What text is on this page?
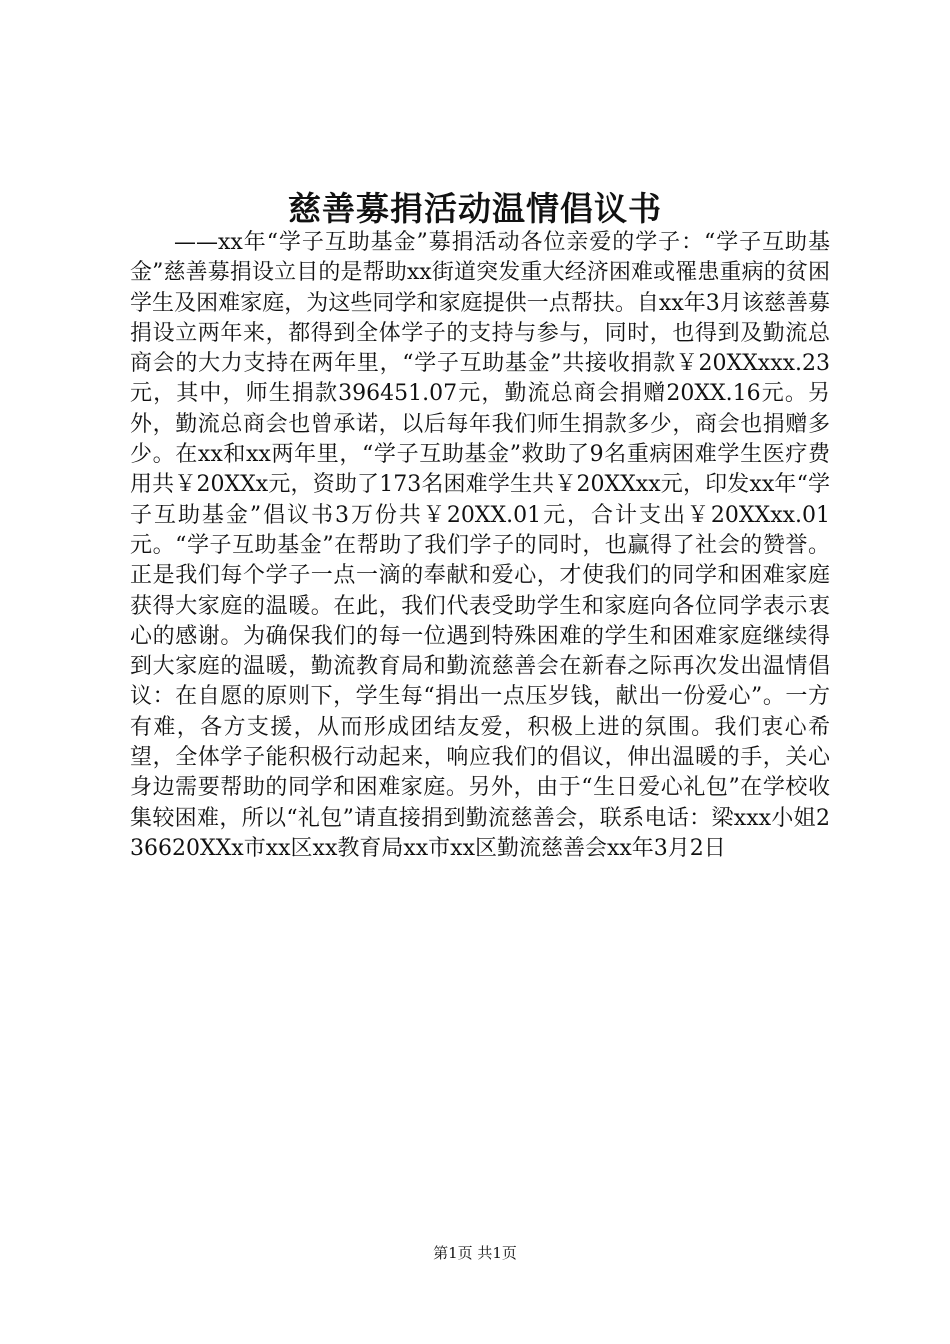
慈善募捐活动温情倡议书
——xx年“学子互助基金”募捐活动各位亲爱的学子：“学子互助基金”慈善募捐设立目的是帮助xx街道突发重大经济困难或罹患重病的贫困学生及困难家庭，为这些同学和家庭提供一点帮扶。自xx年3月该慈善募捐设立两年来，都得到全体学子的支持与参与，同时，也得到及勤流总商会的大力支持在两年里，“学子互助基金”共接收捐款￥20XXxxx.23元，其中，师生捐款396451.07元，勤流总商会捐赠20XX.16元。另外，勤流总商会也曾承诺，以后每年我们师生捐款多少，商会也捐赠多少。在xx和xx两年里，“学子互助基金”救助了9名重病困难学生医疗费用共￥20XXx元，资助了173名困难学生共￥20XXxx元，印发xx年“学子互助基金”倡议书3万份共￥20XX.01元，合计支出￥20XXxx.01元。“学子互助基金”在帮助了我们学子的同时，也赢得了社会的赞誉。正是我们每个学子一点一滴的奉献和爱心，才使我们的同学和困难家庭获得大家庭的温暖。在此，我们代表受助学生和家庭向各位同学表示衷心的感谢。为确保我们的每一位遇到特殊困难的学生和困难家庭继续得到大家庭的温暖，勤流教育局和勤流慈善会在新春之际再次发出温情倡议：在自愿的原则下，学生每“捐出一点压岁钱，献出一份爱心”。一方有难，各方支援，从而形成团结友爱，积极上进的氛围。我们衷心希望，全体学子能积极行动起来，响应我们的倡议，伸出温暖的手，关心身边需要帮助的同学和困难家庭。另外，由于“生日爱心礼包”在学校收集较困难，所以“礼包”请直接捐到勤流慈善会，联系电话：梁xxx小姐236620XXx市xx区xx教育局xx市xx区勤流慈善会xx年3月2日
第1页 共1页
